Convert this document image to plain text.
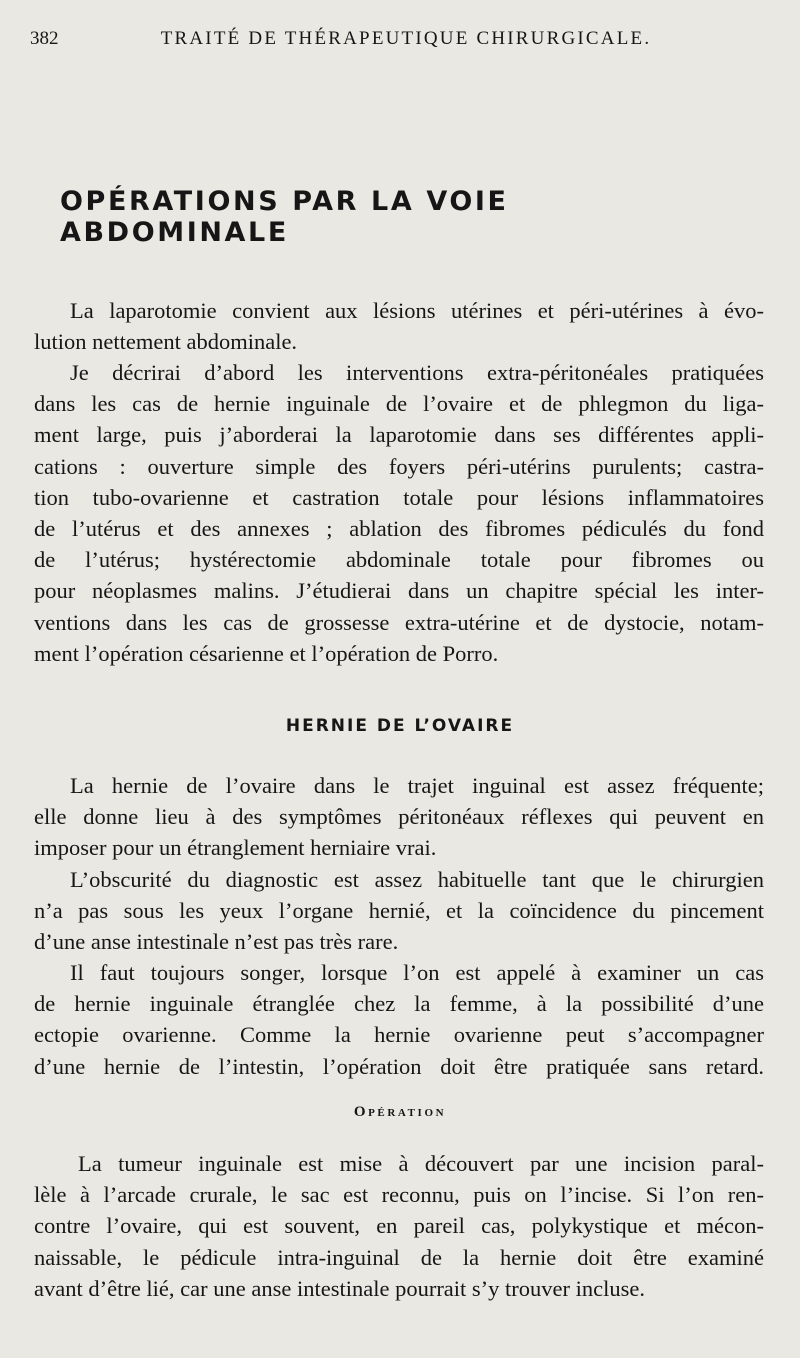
382	TRAITÉ DE THÉRAPEUTIQUE CHIRURGICALE.
OPÉRATIONS PAR LA VOIE ABDOMINALE
La laparotomie convient aux lésions utérines et péri-utérines à évo-
lution nettement abdominale.
Je décrirai d’abord les interventions extra-péritonéales pratiquées
dans les cas de hernie inguinale de l’ovaire et de phlegmon du liga-
ment large, puis j’aborderai la laparotomie dans ses différentes appli-
cations : ouverture simple des foyers péri-utérins purulents; castra-
tion tubo-ovarienne et castration totale pour lésions inflammatoires
de l’utérus et des annexes ; ablation des fibromes pédiculés du fond
de l’utérus; hystérectomie abdominale totale pour fibromes ou
pour néoplasmes malins. J’étudierai dans un chapitre spécial les inter-
ventions dans les cas de grossesse extra-utérine et de dystocie, notam-
ment l’opération césarienne et l’opération de Porro.
HERNIE DE L’OVAIRE
La hernie de l’ovaire dans le trajet inguinal est assez fréquente;
elle donne lieu à des symptômes péritonéaux réflexes qui peuvent en
imposer pour un étranglement herniaire vrai.
L’obscurité du diagnostic est assez habituelle tant que le chirurgien
n’a pas sous les yeux l’organe hernié, et la coïncidence du pincement
d’une anse intestinale n’est pas très rare.
Il faut toujours songer, lorsque l’on est appelé à examiner un cas
de hernie inguinale étranglée chez la femme, à la possibilité d’une
ectopie ovarienne. Comme la hernie ovarienne peut s’accompagner
d’une hernie de l’intestin, l’opération doit être pratiquée sans retard.
Opération
La tumeur inguinale est mise à découvert par une incision paral-
lèle à l’arcade crurale, le sac est reconnu, puis on l’incise. Si l’on ren-
contre l’ovaire, qui est souvent, en pareil cas, polykystique et mécon-
naissable, le pédicule intra-inguinal de la hernie doit être examiné
avant d’être lié, car une anse intestinale pourrait s’y trouver incluse.
